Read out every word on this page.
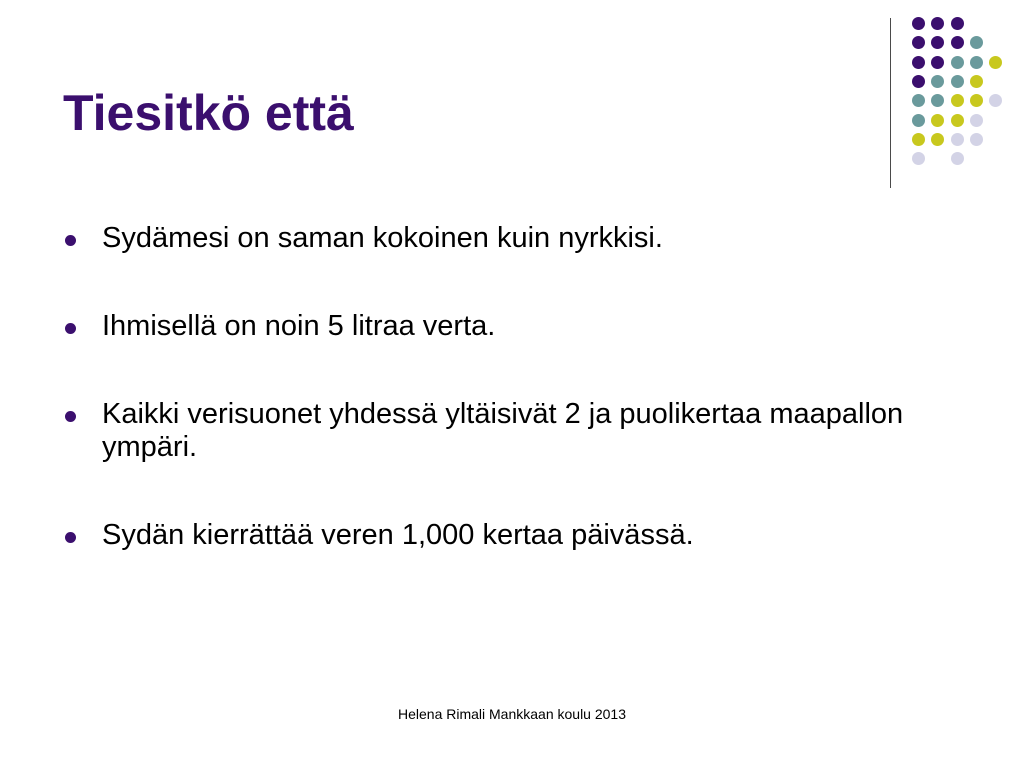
Tiesitkö että
Sydämesi on saman kokoinen kuin nyrkkisi.
Ihmisellä on noin 5 litraa verta.
Kaikki verisuonet yhdessä yltäisivät 2 ja puolikertaa maapallon ympäri.
Sydän kierrättää veren 1,000 kertaa päivässä.
Helena Rimali Mankkaan koulu 2013
